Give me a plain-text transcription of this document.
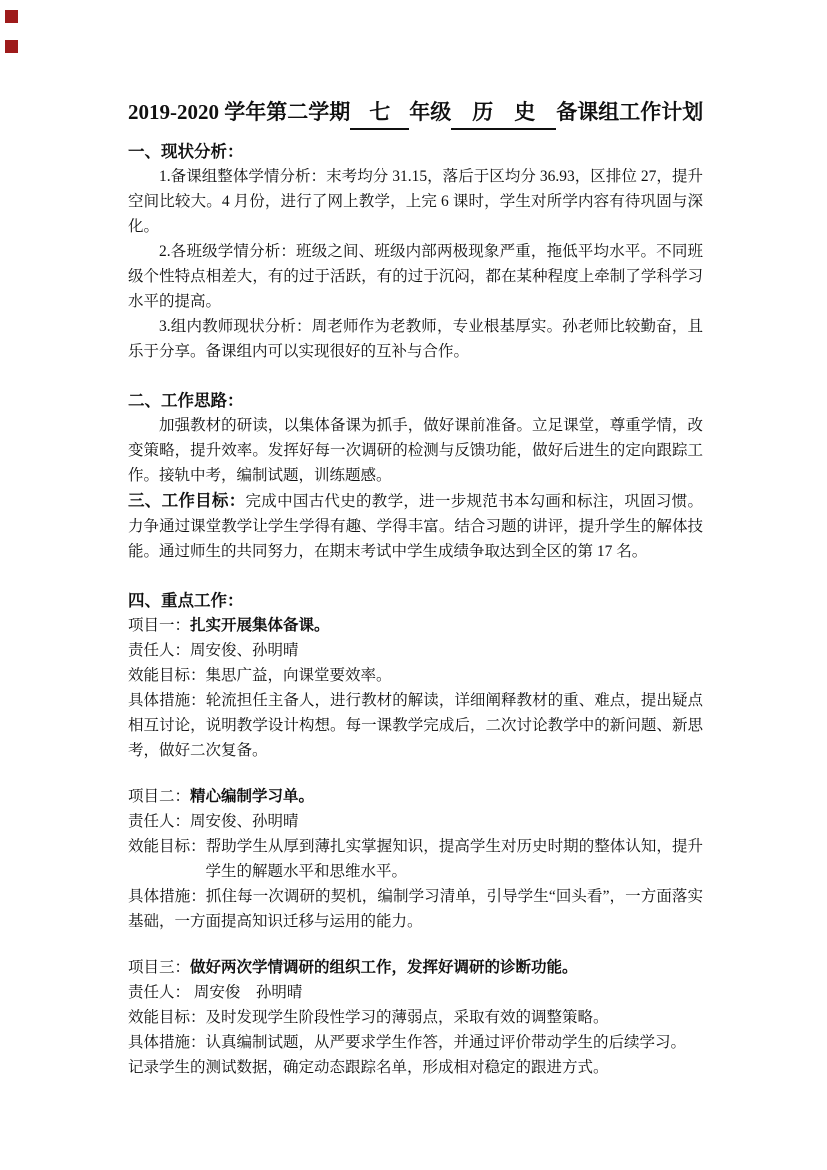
2019-2020 学年第二学期 七 年级 历　史 备课组工作计划
一、现状分析：

1.备课组整体学情分析：末考均分 31.15，落后于区均分 36.93，区排位 27，提升空间比较大。4 月份，进行了网上教学，上完 6 课时，学生对所学内容有待巩固与深化。

2.各班级学情分析：班级之间、班级内部两极现象严重，拖低平均水平。不同班级个性特点相差大，有的过于活跃，有的过于沉闷，都在某种程度上牵制了学科学习水平的提高。

3.组内教师现状分析：周老师作为老教师，专业根基厚实。孙老师比较勤奋，且乐于分享。备课组内可以实现很好的互补与合作。

二、工作思路：

加强教材的研读，以集体备课为抓手，做好课前准备。立足课堂，尊重学情，改变策略，提升效率。发挥好每一次调研的检测与反馈功能，做好后进生的定向跟踪工作。接轨中考，编制试题，训练题感。

三、工作目标：完成中国古代史的教学，进一步规范书本勾画和标注，巩固习惯。力争通过课堂教学让学生学得有趣、学得丰富。结合习题的讲评，提升学生的解体技能。通过师生的共同努力，在期末考试中学生成绩争取达到全区的第 17 名。

四、重点工作：

项目一：扎实开展集体备课。

责任人：周安俊、孙明晴

效能目标：集思广益，向课堂要效率。

具体措施：轮流担任主备人，进行教材的解读，详细阐释教材的重、难点，提出疑点相互讨论，说明教学设计构想。每一课教学完成后，二次讨论教学中的新问题、新思考，做好二次复备。

项目二：精心编制学习单。

责任人：周安俊、孙明晴

效能目标：帮助学生从厚到薄扎实掌握知识，提高学生对历史时期的整体认知，提升学生的解题水平和思维水平。

具体措施：抓住每一次调研的契机，编制学习清单，引导学生“回头看”，一方面落实基础，一方面提高知识迁移与运用的能力。

项目三：做好两次学情调研的组织工作，发挥好调研的诊断功能。

责任人： 周安俊　孙明晴

效能目标：及时发现学生阶段性学习的薄弱点，采取有效的调整策略。

具体措施：认真编制试题，从严要求学生作答，并通过评价带动学生的后续学习。

记录学生的测试数据，确定动态跟踪名单，形成相对稳定的跟进方式。
